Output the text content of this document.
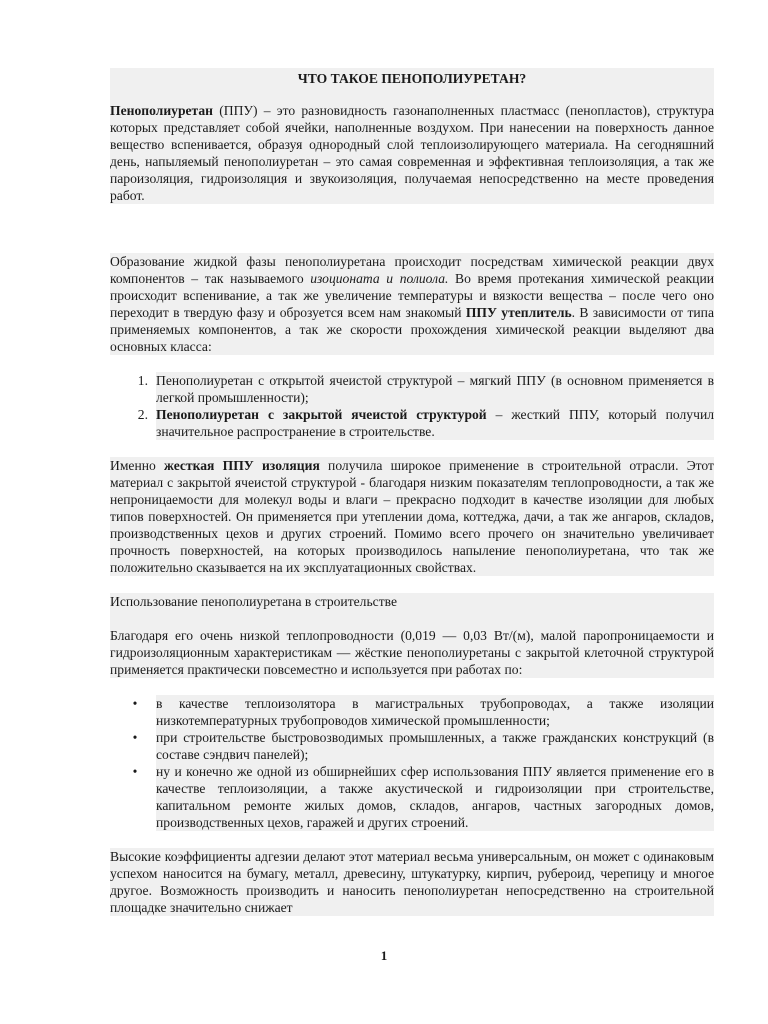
ЧТО ТАКОЕ ПЕНОПОЛИУРЕТАН?

Пенополиуретан (ППУ) – это разновидность газонаполненных пластмасс (пенопластов), структура которых представляет собой ячейки, наполненные воздухом. При нанесении на поверхность данное вещество вспенивается, образуя однородный слой теплоизолирующего материала. На сегодняшний день, напыляемый пенополиуретан – это самая современная и эффективная теплоизоляция, а так же пароизоляция, гидроизоляция и звукоизоляция, получаемая непосредственно на месте проведения работ.

Образование жидкой фазы пенополиуретана происходит посредствам химической реакции двух компонентов – так называемого изоционата и полиола. Во время протекания химической реакции происходит вспенивание, а так же увеличение температуры и вязкости вещества – после чего оно переходит в твердую фазу и оброзуется всем нам знакомый ППУ утеплитель. В зависимости от типа применяемых компонентов, а так же скорости прохождения химической реакции выделяют два основных класса:

1. Пенополиуретан с открытой ячеистой структурой – мягкий ППУ (в основном применяется в легкой промышленности);
2. Пенополиуретан с закрытой ячеистой структурой – жесткий ППУ, который получил значительное распространение в строительстве.

Именно жесткая ППУ изоляция получила широкое применение в строительной отрасли. Этот материал с закрытой ячеистой структурой - благодаря низким показателям теплопроводности, а так же непроницаемости для молекул воды и влаги – прекрасно подходит в качестве изоляции для любых типов поверхностей. Он применяется при утеплении дома, коттеджа, дачи, а так же ангаров, складов, производственных цехов и других строений. Помимо всего прочего он значительно увеличивает прочность поверхностей, на которых производилось напыление пенополиуретана, что так же положительно сказывается на их эксплуатационных свойствах.

Использование пенополиуретана в строительстве

Благодаря его очень низкой теплопроводности (0,019 — 0,03 Вт/(м), малой паропроницаемости и гидроизоляционным характеристикам — жёсткие пенополиуретаны с закрытой клеточной структурой применяется практически повсеместно и используется при работах по:

•	в качестве теплоизолятора в магистральных трубопроводах, а также изоляции низкотемпературных трубопроводов химической промышленности;
•	при строительстве быстровозводимых промышленных, а также гражданских конструкций (в составе сэндвич панелей);
•	ну и конечно же одной из обширнейших сфер использования ППУ является применение его в качестве теплоизоляции, а также акустической и гидроизоляции при строительстве, капитальном ремонте жилых домов, складов, ангаров, частных загородных домов, производственных цехов, гаражей и других строений.

Высокие коэффициенты адгезии делают этот материал весьма универсальным, он может с одинаковым успехом наносится на бумагу, металл, древесину, штукатурку, кирпич, рубероид, черепицу и многое другое. Возможность производить и наносить пенополиуретан непосредственно на строительной площадке значительно снижает

1
